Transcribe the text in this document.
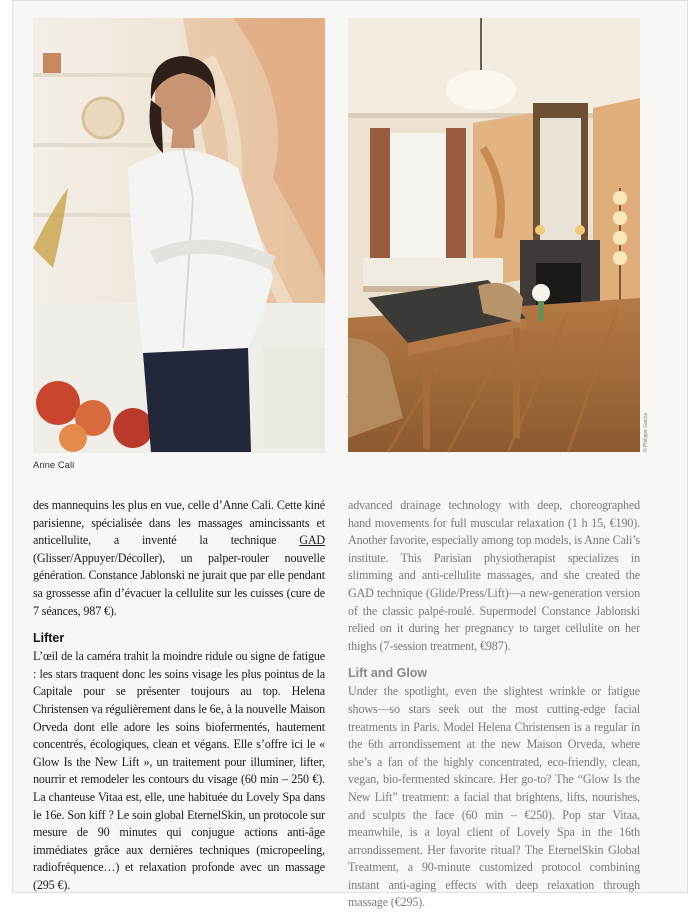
Anne Cali
© Philippe Garcia

des mannequins les plus en vue, celle d’Anne Cali. Cette kiné parisienne, spécialisée dans les massages amincissants et anticellulite, a inventé la technique GAD (Glisser/Appuyer/Décoller), un palper-rouler nouvelle génération. Constance Jablonski ne jurait que par elle pendant sa grossesse afin d’évacuer la cellulite sur les cuisses (cure de 7 séances, 987 €).

Lifter

L’œil de la caméra trahit la moindre ridule ou signe de fatigue : les stars traquent donc les soins visage les plus pointus de la Capitale pour se présenter toujours au top. Helena Christensen va régulièrement dans le 6e, à la nouvelle Maison Orveda dont elle adore les soins biofermentés, hautement concentrés, écologiques, clean et végans. Elle s’offre ici le « Glow Is the New Lift », un traitement pour illuminer, lifter, nourrir et remodeler les contours du visage (60 min – 250 €). La chanteuse Vitaa est, elle, une habituée du Lovely Spa dans le 16e. Son kiff ? Le soin global EternelSkin, un protocole sur mesure de 90 minutes qui conjugue actions anti-âge immédiates grâce aux dernières techniques (micropeeling, radiofréquence…) et relaxation profonde avec un massage (295 €).

advanced drainage technology with deep, choreographed hand movements for full muscular relaxation (1 h 15, €190). Another favorite, especially among top models, is Anne Cali’s institute. This Parisian physiotherapist specializes in slimming and anti-cellulite massages, and she created the GAD technique (Glide/Press/Lift)—a new-generation version of the classic palpé-roulé. Supermodel Constance Jablonski relied on it during her pregnancy to target cellulite on her thighs (7-session treatment, €987).

Lift and Glow

Under the spotlight, even the slightest wrinkle or fatigue shows—so stars seek out the most cutting-edge facial treatments in Paris. Model Helena Christensen is a regular in the 6th arrondissement at the new Maison Orveda, where she’s a fan of the highly concentrated, eco-friendly, clean, vegan, bio-fermented skincare. Her go-to? The “Glow Is the New Lift” treatment: a facial that brightens, lifts, nourishes, and sculpts the face (60 min – €250). Pop star Vitaa, meanwhile, is a loyal client of Lovely Spa in the 16th arrondissement. Her favorite ritual? The EternelSkin Global Treatment, a 90-minute customized protocol combining instant anti-aging effects with deep relaxation through massage (€295).
